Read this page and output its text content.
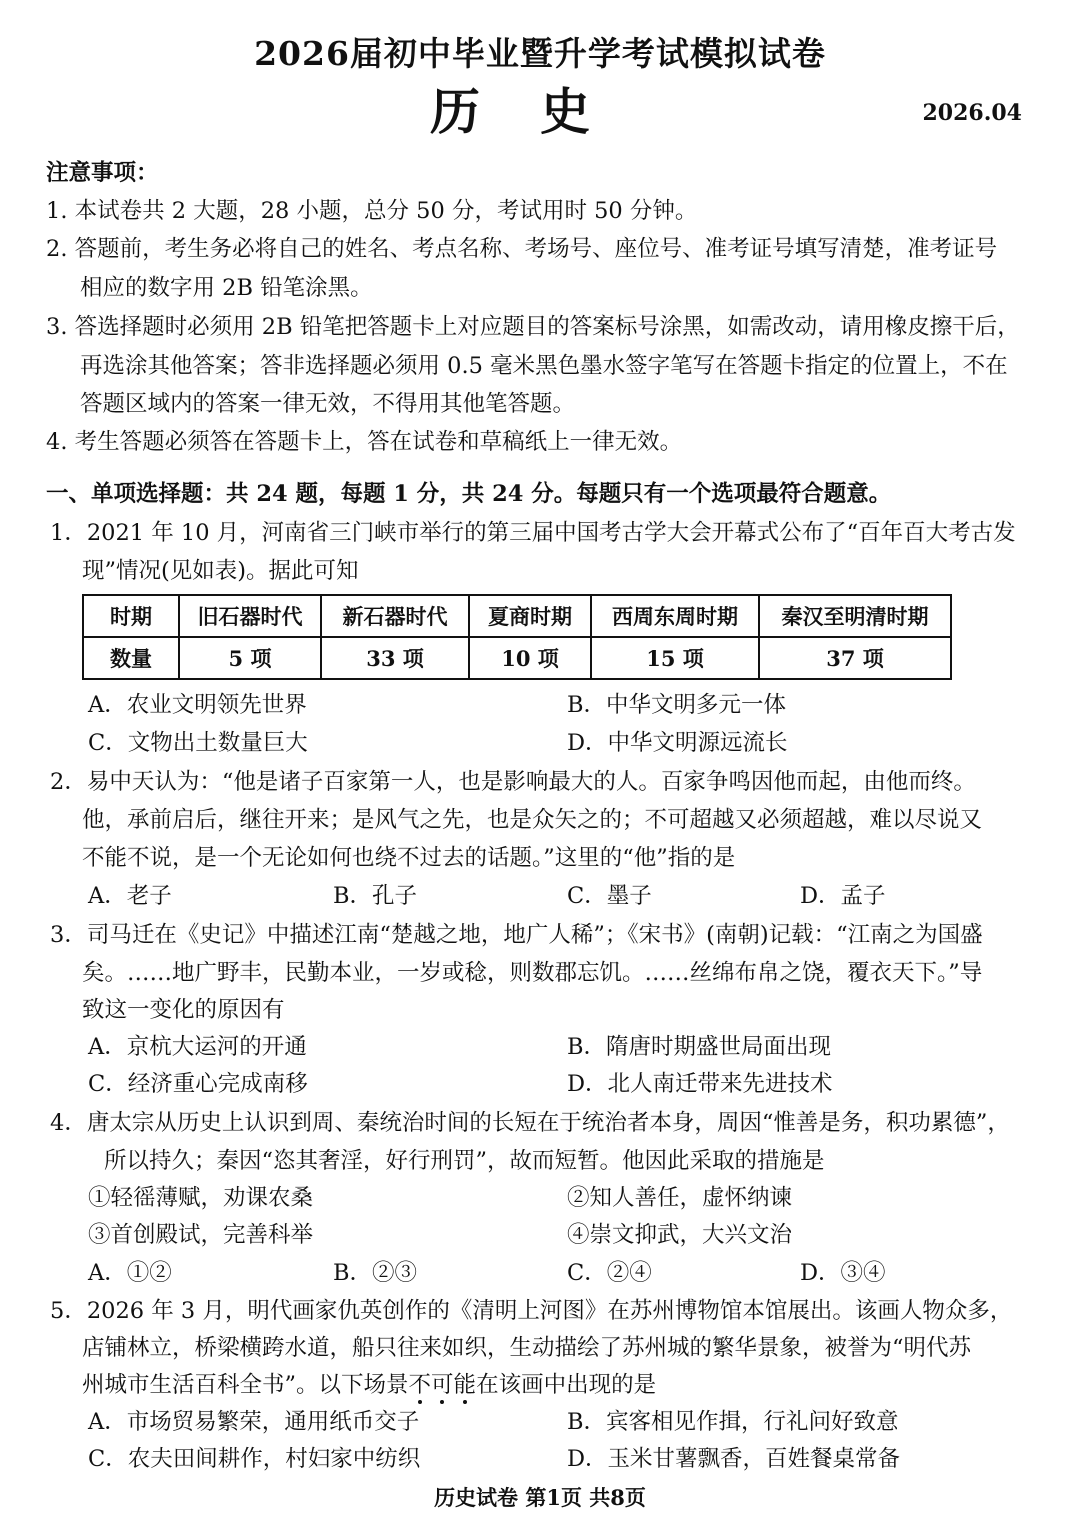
2026届初中毕业暨升学考试模拟试卷
历史	2026.04
注意事项：
1. 本试卷共 2 大题，28 小题，总分 50 分，考试用时 50 分钟。
2. 答题前，考生务必将自己的姓名、考点名称、考场号、座位号、准考证号填写清楚，准考证号
相应的数字用 2B 铅笔涂黑。
3. 答选择题时必须用 2B 铅笔把答题卡上对应题目的答案标号涂黑，如需改动，请用橡皮擦干后，
再选涂其他答案；答非选择题必须用 0.5 毫米黑色墨水签字笔写在答题卡指定的位置上，不在
答题区域内的答案一律无效，不得用其他笔答题。
4. 考生答题必须答在答题卡上，答在试卷和草稿纸上一律无效。
一、单项选择题：共 24 题，每题 1 分，共 24 分。每题只有一个选项最符合题意。
1．2021 年 10 月，河南省三门峡市举行的第三届中国考古学大会开幕式公布了“百年百大考古发
现”情况(见如表)。据此可知
时期	旧石器时代	新石器时代	夏商时期	西周东周时期	秦汉至明清时期
数量	5 项	33 项	10 项	15 项	37 项
A．农业文明领先世界	B．中华文明多元一体
C．文物出土数量巨大	D．中华文明源远流长
2．易中天认为：“他是诸子百家第一人，也是影响最大的人。百家争鸣因他而起，由他而终。
他，承前启后，继往开来；是风气之先，也是众矢之的；不可超越又必须超越，难以尽说又
不能不说，是一个无论如何也绕不过去的话题。”这里的“他”指的是
A．老子	B．孔子	C．墨子	D．孟子
3．司马迁在《史记》中描述江南“楚越之地，地广人稀”；《宋书》(南朝)记载：“江南之为国盛
矣。……地广野丰，民勤本业，一岁或稔，则数郡忘饥。……丝绵布帛之饶，覆衣天下。”导
致这一变化的原因有
A．京杭大运河的开通	B．隋唐时期盛世局面出现
C．经济重心完成南移	D．北人南迁带来先进技术
4．唐太宗从历史上认识到周、秦统治时间的长短在于统治者本身，周因“惟善是务，积功累德”，
所以持久；秦因“恣其奢淫，好行刑罚”，故而短暂。他因此采取的措施是
①轻徭薄赋，劝课农桑	②知人善任，虚怀纳谏
③首创殿试，完善科举	④崇文抑武，大兴文治
A．①②	B．②③	C．②④	D．③④
5．2026 年 3 月，明代画家仇英创作的《清明上河图》在苏州博物馆本馆展出。该画人物众多，
店铺林立，桥梁横跨水道，船只往来如织，生动描绘了苏州城的繁华景象，被誉为“明代苏
州城市生活百科全书”。以下场景不可能在该画中出现的是
A．市场贸易繁荣，通用纸币交子	B．宾客相见作揖，行礼问好致意
C．农夫田间耕作，村妇家中纺织	D．玉米甘薯飘香，百姓餐桌常备
历史试卷 第1页 共8页
